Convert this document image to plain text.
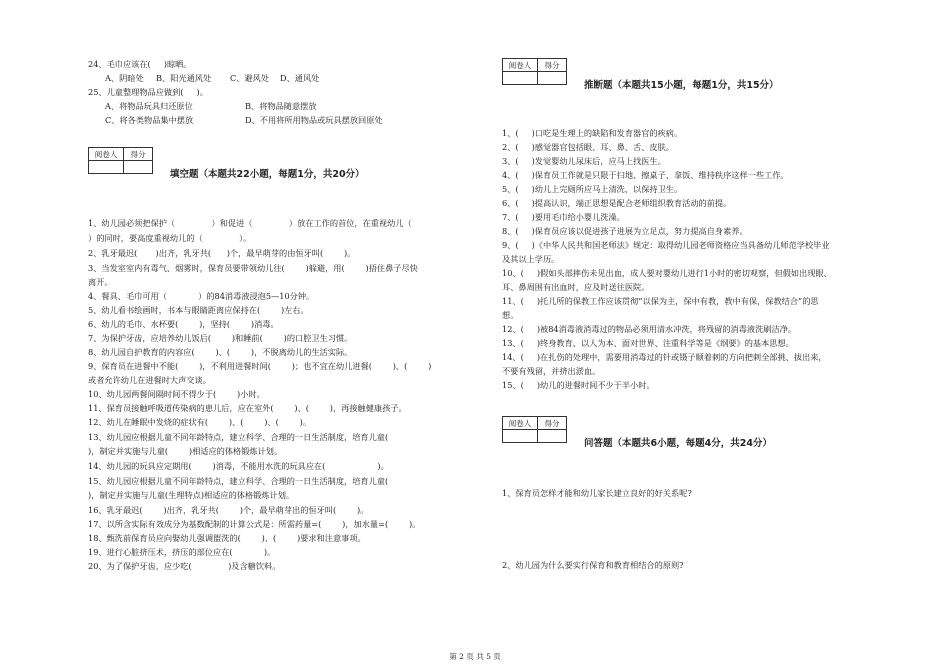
24、毛巾应该在(     )晾晒。
A、阴暗处 B、阳光通风处 C、避风处 D、通风处
25、儿童整理物品应做到(     )。
A、将物品玩具归还原位	B、将物品随意摆放
C、将各类物品集中摆放	D、不用将所用物品或玩具摆放回原处
阅卷人	得分

填空题（本题共22小题，每题1分，共20分）
1、幼儿园必须把保护（              ）和促进（              ）放在工作的首位，在重视幼儿（
）的同时，要高度重视幼儿的（              ）。
2、乳牙最迟(       )出齐，乳牙共(      )个，最早萌芽的由恒牙叫(        )。
3、当发室室内有毒气、烟雾时，保育员要带领幼儿往(        )躲避，用(        )捂住鼻子尽快
离开。
4、餐具、毛巾可用（            ）的84消毒液浸泡5—10分钟。
5、幼儿看书绘画时，书本与眼睛距离应保持在(        )左右。
6、幼儿的毛巾、水杯要(        )，坚持(        )消毒。
7、为保护牙齿，应培养幼儿饭后(        )和睡前(        )的口腔卫生习惯。
8、幼儿园自护教育的内容应(        )、(        )，不脱离幼儿的生活实际。
9、保育员在进餐中不能(        )，不利用进餐时间(        )；也不宜在幼儿进餐(        )、(        )
或者允许幼儿在进餐时大声交谈。
10、幼儿园两餐间隔时间不得少于(        )小时。
11、保育员接触呼吸道传染病的患儿后，应在室外(        )、(        )，再接触健康孩子。
12、幼儿在睡眠中发烧的症状有(        )、(        )、(        )。
13、幼儿园应根据儿童不同年龄特点，建立科学、合理的一日生活制度，培育儿童(
)，制定并实施与儿童(        )相适应的体格锻炼计划。
14、幼儿园的玩具应定期用(        )消毒，不能用水洗的玩具应在(                    )。
15、幼儿园应根据儿童不同年龄特点，建立科学、合理的一日生活制度，培育儿童(
)，制定并实施与儿童(生理特点)相适应的体格锻炼计划。
16、乳牙最迟(        )出齐，乳牙共(        )个，最早萌芽出的恒牙叫(        )。
17、以所含实际有效成分为基数配制的计算公式是：所需药量=(        )，加水量=(        )。
18、甄洗前保育员应向娶幼儿强调盥洗的(        )、(        )要求和注意事项。
19、进行心脏挤压术，挤压的部位应在(            )。
20、为了保护牙齿，应少吃(              )及含糖饮料。
阅卷人	得分

推断题（本题共15小题，每题1分，共15分）
1、(     )口吃是生理上的缺陷和发育器官的疾病。
2、(     )感觉器官包括眼、耳、鼻、舌、皮肤。
3、(     )发觉婴幼儿尿床后，应马上找医生。
4、(     )保育员工作就是只限于扫地、擦桌子、拿饭、维持秩序这样一些工作。
5、(     )幼儿上完厕所应马上清洗，以保持卫生。
6、(     )提高认识，端正思想是配合老师组织教育活动的前提。
7、(     )要用毛巾给小婴儿洗澡。
8、(     )保育员应该以促进孩子进展为立足点，努力提高自身素养。
9、(     )《中华人民共和国老师法》规定：取得幼儿园老师资格应当具备幼儿师范学校毕业
及其以上学历。
10、(     )假如头部摔伤未见出血，成人要对婴幼儿进行1小时的密切观察，但假如出现眼、
耳、鼻周围有出血时，应及时送往医院。
11、(     )托儿所的保教工作应该贯彻“以保为主，保中有教，教中有保，保教结合”的思
想。
12、(     )被84消毒液消毒过的物品必须用清水冲洗，将残留的消毒液洗刷洁净。
13、(     )终身教育、以人为本、面对世界、注重科学等是《纲要》的基本思想。
14、(     )在扎伤的处理中，需要用消毒过的针或镊子顺着刺的方向把刺全部挑、拔出来，
不要有残留，并挤出淤血。
15、(     )幼儿的进餐时间不少于半小时。
阅卷人	得分

问答题（本题共6小题，每题4分，共24分）
1、保育员怎样才能和幼儿家长建立良好的好关系呢?
2、幼儿园为什么要实行保育和教育相结合的原则?
第 2 页 共 5 页
